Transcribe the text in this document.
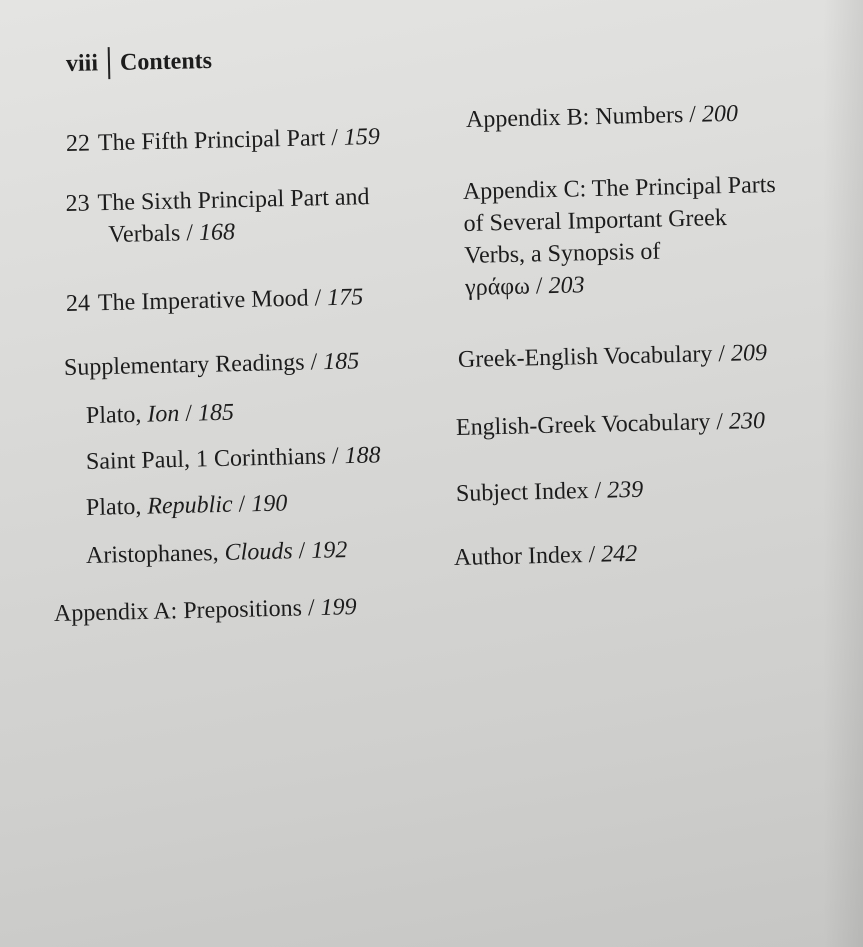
viii Contents
22 The Fifth Principal Part / 159
23 The Sixth Principal Part and
Verbals / 168
24 The Imperative Mood / 175
Supplementary Readings / 185
Plato, Ion / 185
Saint Paul, 1 Corinthians / 188
Plato, Republic / 190
Aristophanes, Clouds / 192
Appendix A: Prepositions / 199
Appendix B: Numbers / 200
Appendix C: The Principal Parts
of Several Important Greek
Verbs, a Synopsis of
γράφω / 203
Greek-English Vocabulary / 209
English-Greek Vocabulary / 230
Subject Index / 239
Author Index / 242
